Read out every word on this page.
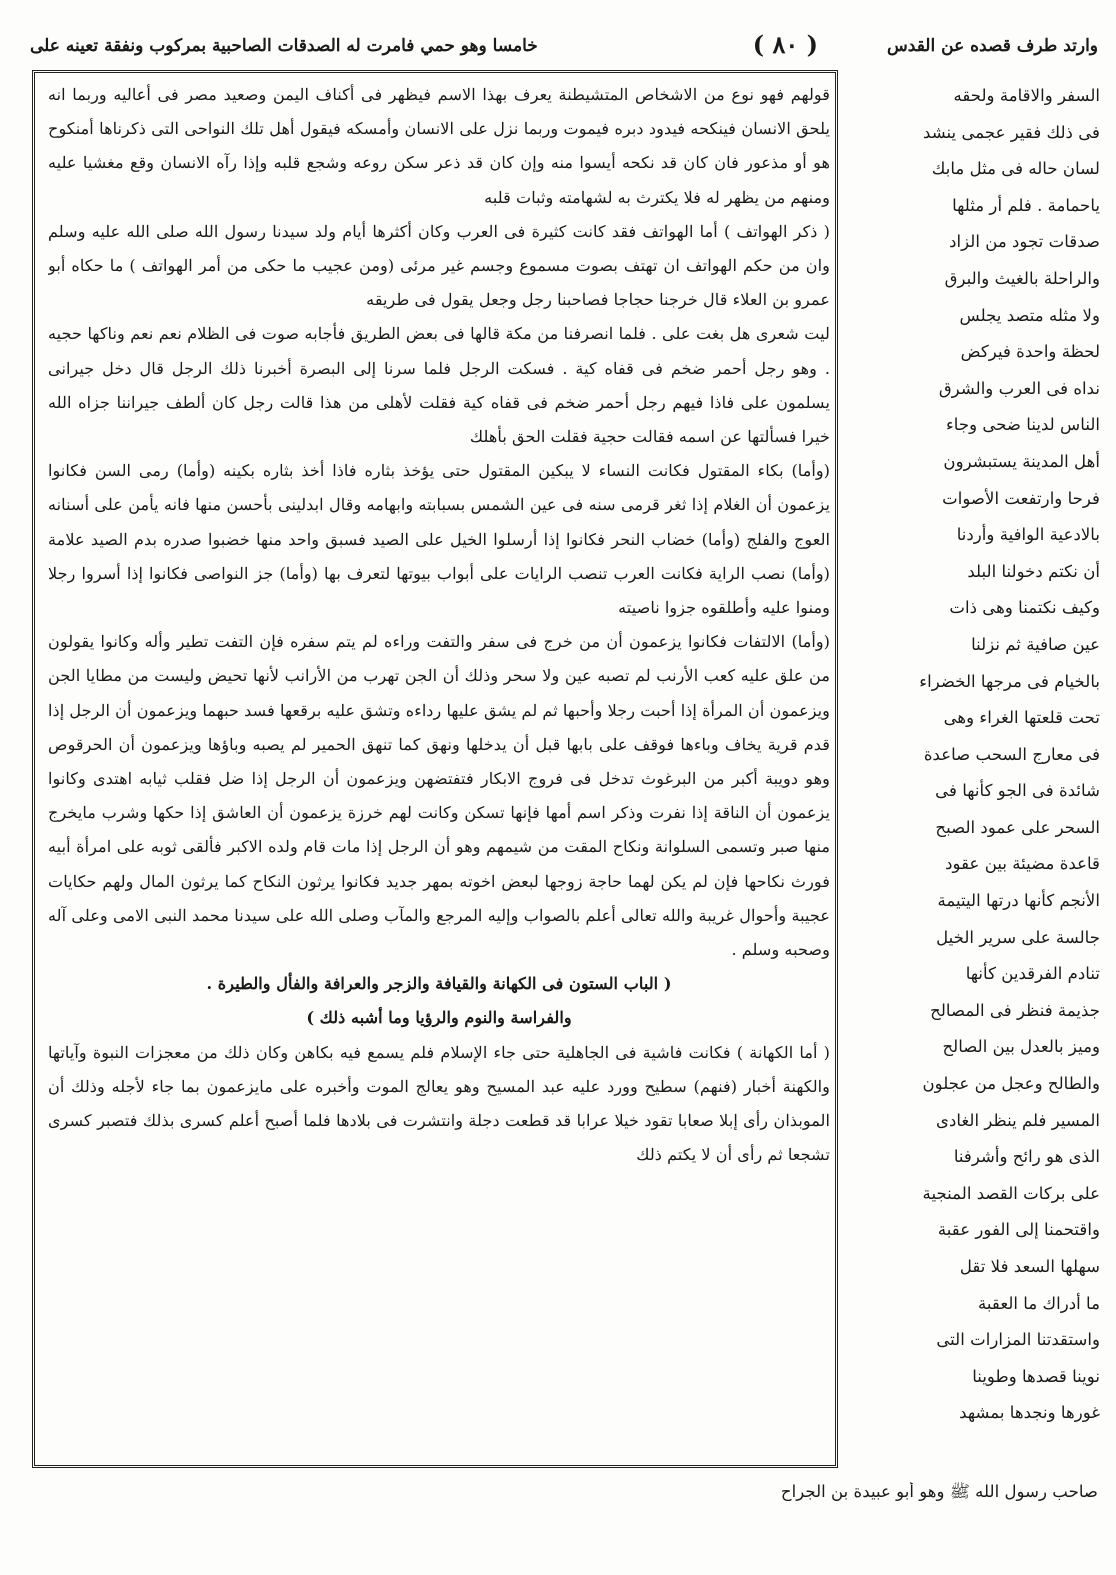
وارتد طرف قصده عن القدس
( ٨٠ )
خامسا وهو حمي فامرت له الصدقات الصاحبية بمركوب ونفقة تعينه على

قولهم فهو نوع من الاشخاص المتشيطنة يعرف بهذا الاسم فيظهر فى أكناف اليمن وصعيد مصر فى أعاليه وربما انه يلحق الانسان فينكحه فيدود دبره فيموت وربما نزل على الانسان وأمسكه فيقول أهل تلك النواحى التى ذكرناها أمنكوح هو أو مذعور فان كان قد نكحه أيسوا منه وإن كان قد ذعر سكن روعه وشجع قلبه وإذا رآه الانسان وقع مغشيا عليه ومنهم من يظهر له فلا يكترث به لشهامته وثبات قلبه

( ذكر الهواتف ) أما الهواتف فقد كانت كثيرة فى العرب وكان أكثرها أيام ولد سيدنا رسول الله صلى الله عليه وسلم وان من حكم الهواتف ان تهتف بصوت مسموع وجسم غير مرئى (ومن عجيب ما حكى من أمر الهواتف ) ما حكاه أبو عمرو بن العلاء قال خرجنا حجاجا فصاحبنا رجل وجعل يقول فى طريقه

ليت شعرى هل بغت على . فلما انصرفنا من مكة قالها فى بعض الطريق فأجابه صوت فى الظلام نعم نعم وناكها حجيه . وهو رجل أحمر ضخم فى قفاه كية . فسكت الرجل فلما سرنا إلى البصرة أخبرنا ذلك الرجل قال دخل جيرانى يسلمون على فاذا فيهم رجل أحمر ضخم فى قفاه كية فقلت لأهلى من هذا قالت رجل كان ألطف جيراننا جزاه الله خيرا فسألتها عن اسمه فقالت حجية فقلت الحق بأهلك

(وأما) بكاء المقتول فكانت النساء لا يبكين المقتول حتى يؤخذ بثاره فاذا أخذ بثاره بكينه (وأما) رمى السن فكانوا يزعمون أن الغلام إذا ثغر قرمى سنه فى عين الشمس بسبابته وابهامه وقال ابدلينى بأحسن منها فانه يأمن على أسنانه العوج والفلج (وأما) خضاب النحر فكانوا إذا أرسلوا الخيل على الصيد فسبق واحد منها خضبوا صدره بدم الصيد علامة (وأما) نصب الراية فكانت العرب تنصب الرايات على أبواب بيوتها لتعرف بها (وأما) جز النواصى فكانوا إذا أسروا رجلا ومنوا عليه وأطلقوه جزوا ناصيته

(وأما) الالتفات فكانوا يزعمون أن من خرج فى سفر والتفت وراءه لم يتم سفره فإن التفت تطير وأله وكانوا يقولون من علق عليه كعب الأرنب لم تصبه عين ولا سحر وذلك أن الجن تهرب من الأرانب لأنها تحيض وليست من مطايا الجن ويزعمون أن المرأة إذا أحبت رجلا وأحبها ثم لم يشق عليها رداءه وتشق عليه برقعها فسد حبهما ويزعمون أن الرجل إذا قدم قرية يخاف وباءها فوقف على بابها قبل أن يدخلها ونهق كما تنهق الحمير لم يصبه وباؤها ويزعمون أن الحرقوص وهو دويبة أكبر من البرغوث تدخل فى فروج الابكار فتفتضهن ويزعمون أن الرجل إذا ضل فقلب ثيابه اهتدى وكانوا يزعمون أن الناقة إذا نفرت وذكر اسم أمها فإنها تسكن وكانت لهم خرزة يزعمون أن العاشق إذا حكها وشرب مايخرج منها صبر وتسمى السلوانة ونكاح المقت من شيمهم وهو أن الرجل إذا مات قام ولده الاكبر فألقى ثوبه على امرأة أبيه فورث نكاحها فإن لم يكن لهما حاجة زوجها لبعض اخوته بمهر جديد فكانوا يرثون النكاح كما يرثون المال ولهم حكايات عجيبة وأحوال غريبة والله تعالى أعلم بالصواب وإليه المرجع والمآب وصلى الله على سيدنا محمد النبى الامى وعلى آله وصحبه وسلم .

( الباب الستون فى الكهانة والقيافة والزجر والعرافة والفأل والطيرة .

والفراسة والنوم والرؤيا وما أشبه ذلك )

( أما الكهانة ) فكانت فاشية فى الجاهلية حتى جاء الإسلام فلم يسمع فيه بكاهن وكان ذلك من معجزات النبوة وآياتها والكهنة أخبار (فنهم) سطيح وورد عليه عبد المسيح وهو يعالج الموت وأخبره على مايزعمون بما جاء لأجله وذلك أن الموبذان رأى إبلا صعابا تقود خيلا عرابا قد قطعت دجلة وانتشرت فى بلادها فلما أصبح أعلم كسرى بذلك فتصبر كسرى تشجعا ثم رأى أن لا يكتم ذلك

السفر والاقامة ولحقه
فى ذلك فقير عجمى ينشد
لسان حاله فى مثل مابك
ياحمامة . فلم أر مثلها
صدقات تجود من الزاد
والراحلة بالغيث والبرق
ولا مثله متصد يجلس
لحظة واحدة فيركض
نداه فى العرب والشرق
الناس لدينا ضحى وجاء
أهل المدينة يستبشرون
فرحا وارتفعت الأصوات
بالادعية الوافية وأردنا
أن نكتم دخولنا البلد
وكيف نكتمنا وهى ذات
عين صافية ثم نزلنا
بالخيام فى مرجها الخضراء
تحت قلعتها الغراء وهى
فى معارج السحب صاعدة
شائدة فى الجو كأنها فى
السحر على عمود الصبح
قاعدة مضيئة بين عقود
الأنجم كأنها درتها اليتيمة
جالسة على سرير الخيل
تنادم الفرقدين كأنها
جذيمة فنظر فى المصالح
وميز بالعدل بين الصالح
والطالح وعجل من عجلون
المسير فلم ينظر الغادى
الذى هو رائح وأشرفنا
على بركات القصد المنجية
واقتحمنا إلى الفور عقبة
سهلها السعد فلا تقل
ما أدراك ما العقبة
واستقدتنا المزارات التى
نوينا قصدها وطوينا
غورها ونجدها بمشهد
صاحب رسول الله ﷺ وهو أبو عبيدة بن الجراح
